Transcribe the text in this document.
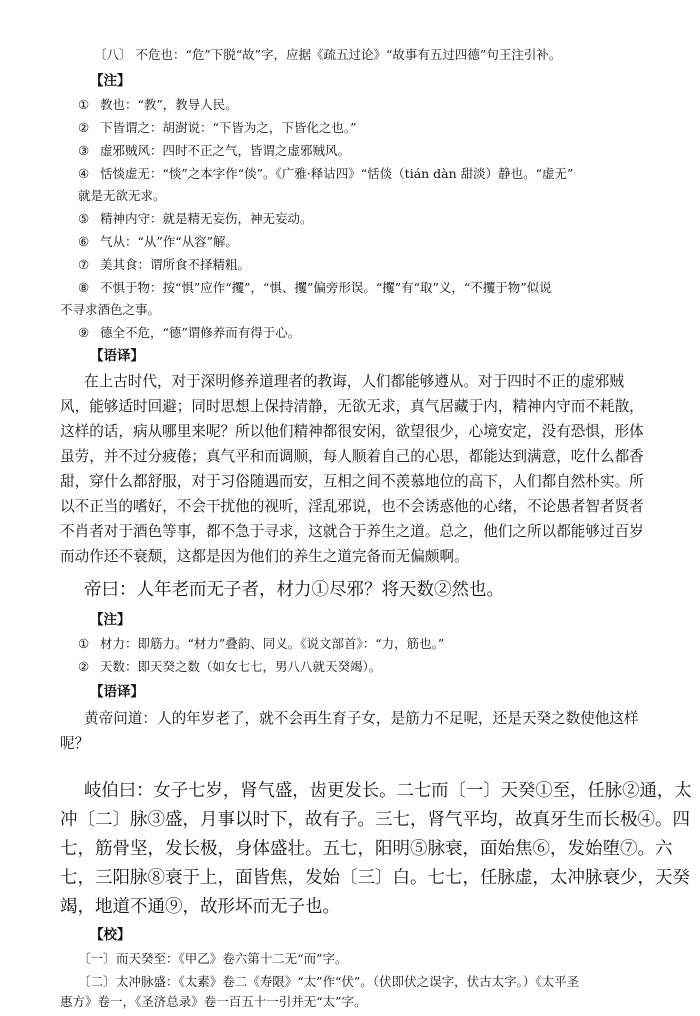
〔八〕 不危也：“危”下脱“故”字，应据《疏五过论》“故事有五过四德”句王注引补。
【注】
① 教也：“教”，教导人民。
② 下皆谓之：胡澍说：“下皆为之，下皆化之也。”
③ 虚邪贼风：四时不正之气，皆谓之虚邪贼风。
④ 恬惔虚无：“惔”之本字作“倓”。《广雅·释诂四》“恬倓（tián dàn 甜淡）静也。“虚无”
就是无欲无求。
⑤ 精神内守：就是精无妄伤，神无妄动。
⑥ 气从：“从”作“从容”解。
⑦ 美其食：谓所食不择精粗。
⑧ 不惧于物：按“惧”应作“攫”，“惧、攫”偏旁形误。“攫”有“取”义，“不攫于物”似说
不寻求酒色之事。
⑨ 德全不危，“德”谓修养而有得于心。
【语译】
在上古时代，对于深明修养道理者的教诲，人们都能够遵从。对于四时不正的虚邪贼
风，能够适时回避；同时思想上保持清静，无欲无求，真气居藏于内，精神内守而不耗散，
这样的话，病从哪里来呢？所以他们精神都很安闲，欲望很少，心境安定，没有恐惧，形体
虽劳，并不过分疲倦；真气平和而调顺，每人顺着自己的心思，都能达到满意，吃什么都香
甜，穿什么都舒服，对于习俗随遇而安，互相之间不羡慕地位的高下，人们都自然朴实。所
以不正当的嗜好，不会干扰他的视听，淫乱邪说，也不会诱惑他的心绪，不论愚者智者贤者
不肖者对于酒色等事，都不急于寻求，这就合于养生之道。总之，他们之所以都能够过百岁
而动作还不衰颓，这都是因为他们的养生之道完备而无偏颇啊。
帝曰：人年老而无子者，材力①尽邪？将天数②然也。
【注】
① 材力：即筋力。“材力”叠韵、同义。《说文部首》：“力，筋也。”
② 天数：即天癸之数（如女七七，男八八就天癸竭）。
【语译】
黄帝问道：人的年岁老了，就不会再生育子女，是筋力不足呢，还是天癸之数使他这样
呢？
岐伯曰：女子七岁，肾气盛，齿更发长。二七而〔一〕天癸①至，任脉②通，太
冲〔二〕脉③盛，月事以时下，故有子。三七，肾气平均，故真牙生而长极④。四
七，筋骨坚，发长极，身体盛壮。五七，阳明⑤脉衰，面始焦⑥，发始堕⑦。六
七，三阳脉⑧衰于上，面皆焦，发始〔三〕白。七七，任脉虚，太冲脉衰少，天癸
竭，地道不通⑨，故形坏而无子也。
【校】
〔一〕而天癸至：《甲乙》卷六第十二无“而”字。
〔二〕太冲脉盛：《太素》卷二《寿限》“太”作“伏”。（伏即伏之误字，伏古太字。）《太平圣
惠方》卷一，《圣济总录》卷一百五十一引并无“太”字。
